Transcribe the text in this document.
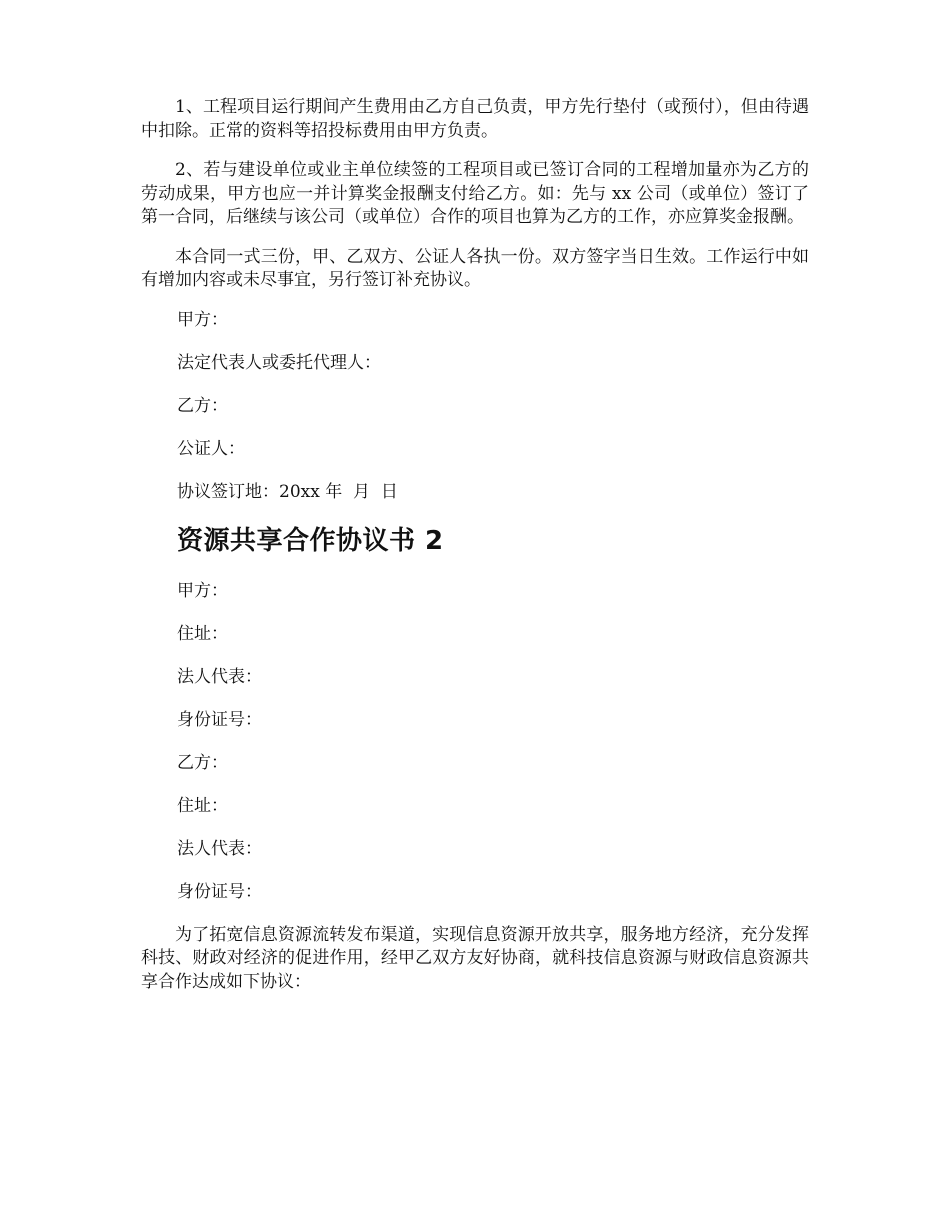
1、工程项目运行期间产生费用由乙方自己负责，甲方先行垫付（或预付），但由待遇中扣除。正常的资料等招投标费用由甲方负责。

2、若与建设单位或业主单位续签的工程项目或已签订合同的工程增加量亦为乙方的劳动成果，甲方也应一并计算奖金报酬支付给乙方。如：先与 xx 公司（或单位）签订了第一合同，后继续与该公司（或单位）合作的项目也算为乙方的工作，亦应算奖金报酬。

本合同一式三份，甲、乙双方、公证人各执一份。双方签字当日生效。工作运行中如有增加内容或未尽事宜，另行签订补充协议。

甲方：
法定代表人或委托代理人：
乙方：
公证人：
协议签订地：20xx 年  月  日
资源共享合作协议书 2
甲方：
住址：
法人代表：
身份证号：
乙方：
住址：
法人代表：
身份证号：

为了拓宽信息资源流转发布渠道，实现信息资源开放共享，服务地方经济，充分发挥科技、财政对经济的促进作用，经甲乙双方友好协商，就科技信息资源与财政信息资源共享合作达成如下协议：
